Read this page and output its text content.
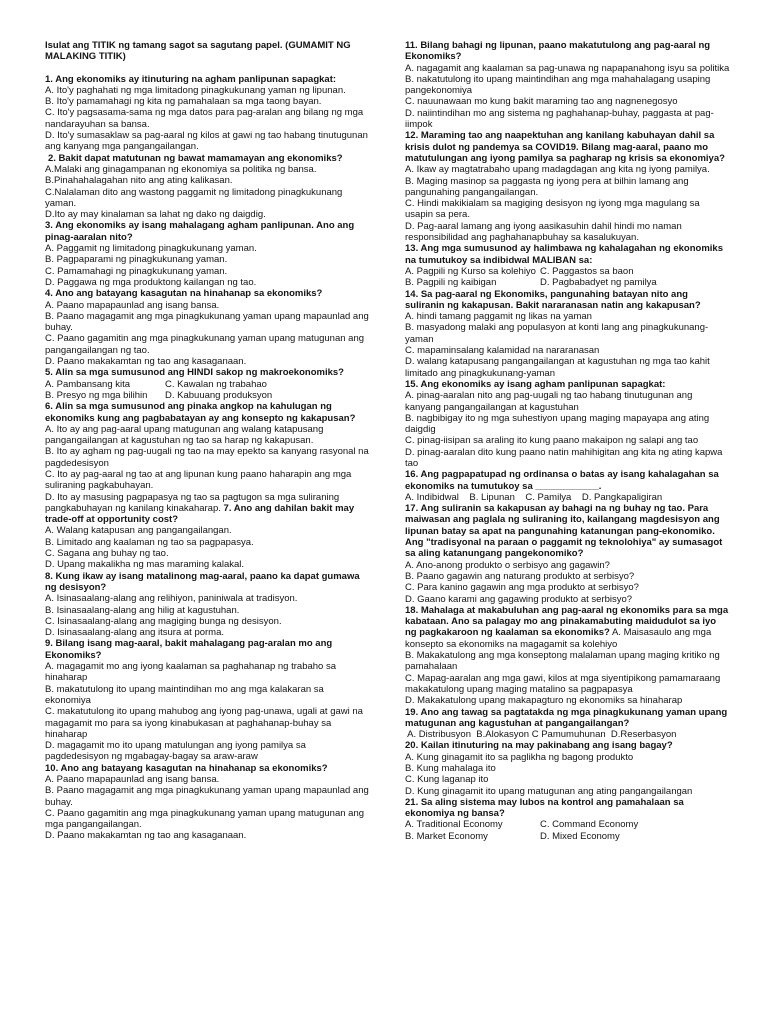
Isulat ang TITIK ng tamang sagot sa sagutang papel. (GUMAMIT NG MALAKING TITIK)
1. Ang ekonomiks ay itinuturing na agham panlipunan sapagkat:
A. Ito'y paghahati ng mga limitadong pinagkukunang yaman ng lipunan.
B. Ito'y pamamahagi ng kita ng pamahalaan sa mga taong bayan.
C. Ito'y pagsasama-sama ng mga datos para pag-aralan ang bilang ng mga nandarayuhan sa bansa.
D. Ito'y sumasaklaw sa pag-aaral ng kilos at gawi ng tao habang tinutugunan ang kanyang mga pangangailangan.
2. Bakit dapat matutunan ng bawat mamamayan ang ekonomiks?
A.Malaki ang ginagampanan ng ekonomiya sa politika ng bansa.
B.Pinahahalagahan nito ang ating kalikasan.
C.Nalalaman dito ang wastong paggamit ng limitadong pinagkukunang yaman.
D.Ito ay may kinalaman sa lahat ng dako ng daigdig.
3. Ang ekonomiks ay isang mahalagang agham panlipunan. Ano ang pinag-aaralan nito?
A. Paggamit ng limitadong pinagkukunang yaman.
B. Pagpaparami ng pinagkukunang yaman.
C. Pamamahagi ng pinagkukunang yaman.
D. Paggawa ng mga produktong kailangan ng tao.
4. Ano ang batayang kasagutan na hinahanap sa ekonomiks?
A. Paano mapapaunlad ang isang bansa.
B. Paano magagamit ang mga pinagkukunang yaman upang mapaunlad ang buhay.
C. Paano gagamitin ang mga pinagkukunang yaman upang matugunan ang pangangailangan ng tao.
D. Paano makakamtan ng tao ang kasaganaan.
5. Alin sa mga sumusunod ang HINDI sakop ng makroekonomiks?
A. Pambansang kita	C. Kawalan ng trabahao
B. Presyo ng mga bilihin	D. Kabuuang produksyon
6. Alin sa mga sumusunod ang pinaka angkop na kahulugan ng ekonomiks kung ang pagbabatayan ay ang konsepto ng kakapusan?
A. Ito ay ang pag-aaral upang matugunan ang walang katapusang pangangailangan at kagustuhan ng tao sa harap ng kakapusan.
B. Ito ay agham ng pag-uugali ng tao na may epekto sa kanyang rasyonal na pagdedesisyon
C. Ito ay pag-aaral ng tao at ang lipunan kung paano haharapin ang mga suliraning pagkabuhayan.
D. Ito ay masusing pagpapasya ng tao sa pagtugon sa mga suliraning pangkabuhayan ng kanilang kinakaharap. 7. Ano ang dahilan bakit may trade-off at opportunity cost?
A. Walang katapusan ang pangangailangan.
B. Limitado ang kaalaman ng tao sa pagpapasya.
C. Sagana ang buhay ng tao.
D. Upang makalikha ng mas maraming kalakal.
8. Kung ikaw ay isang matalinong mag-aaral, paano ka dapat gumawa ng desisyon?
A. Isinasaalang-alang ang relihiyon, paniniwala at tradisyon.
B. Isinasaalang-alang ang hilig at kagustuhan.
C. Isinasaalang-alang ang magiging bunga ng desisyon.
D. Isinasaalang-alang ang itsura at porma.
9. Bilang isang mag-aaral, bakit mahalagang pag-aralan mo ang Ekonomiks?
A. magagamit mo ang iyong kaalaman sa paghahanap ng trabaho sa hinaharap
B. makatutulong ito upang maintindihan mo ang mga kalakaran sa ekonomiya
C. makatutulong ito upang mahubog ang iyong pag-unawa, ugali at gawi na magagamit mo para sa iyong kinabukasan at paghahanap-buhay sa hinaharap
D. magagamit mo ito upang matulungan ang iyong pamilya sa pagdedesisyon ng mgabagay-bagay sa araw-araw
10. Ano ang batayang kasagutan na hinahanap sa ekonomiks?
A. Paano mapapaunlad ang isang bansa.
B. Paano magagamit ang mga pinagkukunang yaman upang mapaunlad ang buhay.
C. Paano gagamitin ang mga pinagkukunang yaman upang matugunan ang mga pangangailangan.
D. Paano makakamtan ng tao ang kasaganaan.
11. Bilang bahagi ng lipunan, paano makatutulong ang pag-aaral ng Ekonomiks?
A. nagagamit ang kaalaman sa pag-unawa ng napapanahong isyu sa politika
B. nakatutulong ito upang maintindihan ang mga mahahalagang usaping pangekonomiya
C. nauunawaan mo kung bakit maraming tao ang nagnenegosyo
D. naiintindihan mo ang sistema ng paghahanap-buhay, paggasta at pag-iimpok
12. Maraming tao ang naapektuhan ang kanilang kabuhayan dahil sa krisis dulot ng pandemya sa COVID19. Bilang mag-aaral, paano mo matutulungan ang iyong pamilya sa pagharap ng krisis sa ekonomiya?
A. Ikaw ay magtatrabaho upang madagdagan ang kita ng iyong pamilya.
B. Maging masinop sa paggasta ng iyong pera at bilhin lamang ang pangunahing pangangailangan.
C. Hindi makikialam sa magiging desisyon ng iyong mga magulang sa usapin sa pera.
D. Pag-aaral lamang ang iyong aasikasuhin dahil hindi mo naman responsibilidad ang paghahanapbuhay sa kasalukuyan.
13. Ang mga sumusunod ay halimbawa ng kahalagahan ng ekonomiks na tumutukoy sa indibidwal MALIBAN sa:
A. Pagpili ng Kurso sa kolehiyo C. Paggastos sa baon
B. Pagpili ng kaibigan	D. Pagbabadyet ng pamilya
14. Sa pag-aaral ng Ekonomiks, pangunahing batayan nito ang suliranin ng kakapusan. Bakit nararanasan natin ang kakapusan?
A. hindi tamang paggamit ng likas na yaman
B. masyadong malaki ang populasyon at konti lang ang pinagkukunang-yaman
C. mapaminsalang kalamidad na nararanasan
D. walang katapusang pangangailangan at kagustuhan ng mga tao kahit limitado ang pinagkukunang-yaman
15. Ang ekonomiks ay isang agham panlipunan sapagkat:
A. pinag-aaralan nito ang pag-uugali ng tao habang tinutugunan ang kanyang pangangailangan at kagustuhan
B. nagbibigay ito ng mga suhestiyon upang maging mapayapa ang ating daigdig
C. pinag-iisipan sa araling ito kung paano makaipon ng salapi ang tao
D. pinag-aaralan dito kung paano natin mahihigitan ang kita ng ating kapwa tao
16. Ang pagpapatupad ng ordinansa o batas ay isang kahalagahan sa ekonomiks na tumutukoy sa ____________.
A. Indibidwal    B. Lipunan    C. Pamilya    D. Pangkapaligiran
17. Ang suliranin sa kakapusan ay bahagi na ng buhay ng tao. Para maiwasan ang paglala ng suliraning ito, kailangang magdesisyon ang lipunan batay sa apat na pangunahing katanungan pang-ekonomiko. Ang "tradisyonal na paraan o paggamit ng teknolohiya" ay sumasagot sa aling katanungang pangekonomiko?
A. Ano-anong produkto o serbisyo ang gagawin?
B. Paano gagawin ang naturang produkto at serbisyo?
C. Para kanino gagawin ang mga produkto at serbisyo?
D. Gaano karami ang gagawing produkto at serbisyo?
18. Mahalaga at makabuluhan ang pag-aaral ng ekonomiks para sa mga kabataan. Ano sa palagay mo ang pinakamabuting maidudulot sa iyo ng pagkakaroon ng kaalaman sa ekonomiks? A. Maisasaulo ang mga konsepto sa ekonomiks na magagamit sa kolehiyo
B. Makakatulong ang mga konseptong malalaman upang maging kritiko ng pamahalaan
C. Mapag-aaralan ang mga gawi, kilos at mga siyentipikong pamamaraang makakatulong upang maging matalino sa pagpapasya
D. Makakatulong upang makapagturo ng ekonomiks sa hinaharap
19. Ano ang tawag sa pagtatakda ng mga pinagkukunang yaman upang matugunan ang kagustuhan at pangangailangan?
A. Distribusyon  B.Alokasyon C Pamumuhunan  D.Reserbasyon
20. Kailan itinuturing na may pakinabang ang isang bagay?
A. Kung ginagamit ito sa paglikha ng bagong produkto
B. Kung mahalaga ito
C. Kung laganap ito
D. Kung ginagamit ito upang matugunan ang ating pangangailangan
21. Sa aling sistema may lubos na kontrol ang pamahalaan sa ekonomiya ng bansa?
A. Traditional Economy	C. Command Economy
B. Market Economy	D. Mixed Economy
